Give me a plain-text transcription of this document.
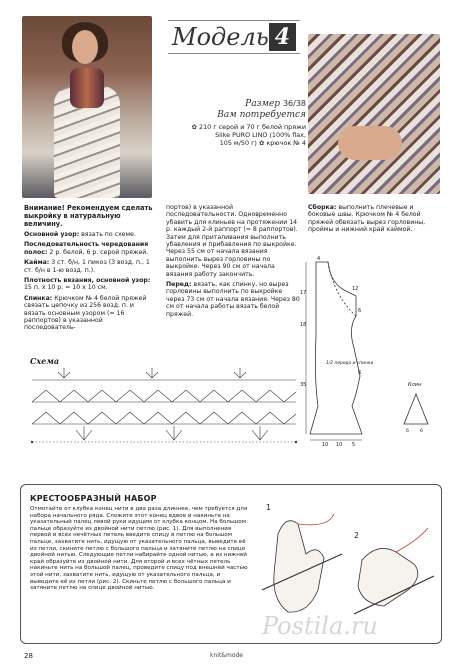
Модель 4
Размер 36/38
Вам потребуется
✿ 210 г серой и 70 г белой пряжи
Silke PURO LINO (100% flax,
105 м/50 г) ✿ крючок № 4

Внимание! Рекомендуем сделать выкройку в натуральную величину.

Основной узор: вязать по схеме.

Последовательность чередования полос: 2 р. белой, 6 р. серой пряжей.

Кайма: 3 ст. б/н, 1 пикоз (3 возд. п., 1 ст. б/н в 1-ю возд. п.).

Плотность вязания, основной узор: 15 п. х 10 р. = 10 х 10 см.

Спинка: Крючком № 4 белой пряжей связать цепочку из 256 возд. п. и вязать основным узором (= 16 раппортов) в указанной последователь-

портов) в указанной последовательности. Одновременно убавить для клиньев на протяжении 14 р. каждый 2-й раппорт (= 8 раппортов). Затем для приталивания выполнить убавления и прибавления по выкройке. Через 55 см от начала вязания выполнить вырез горловины по выкройке. Через 90 см от начала вязания работу закончить.

Перед: вязать, как спинку, но вырез горловины выполнить по выкройке через 73 см от начала вязания. Через 80 см от начала работы вязать белой пряжей.

Сборка: выполнить плечевые и боковые швы. Крючком № 4 белой пряжей обвязать вырез горловины, проймы и нижний край каймой.

4
17
18
12
6
6
35
10 10 5
1/2 переда и спинки
Клин
6 6
Схема
КРЕСТООБРАЗНЫЙ НАБОР
Отмотайте от клубка конец нити в два раза длиннее, чем требуется для набора начального ряда. Сложите этот конец вдвое и накиньте на указательный палец левой руки идущим от клубка концом. На большом пальце образуйте из двойной нити петлю (рис. 1). Для выполнения первой и всех нечётных петель введите спицу в петлю на большом пальце, захватите нить, идущую от указательного пальца, выведите её из петли, скините петлю с большого пальца и затяните петлю на спице двойной нитью. Следующие петли набирайте одной нитью, а из нижней край образуйте из двойной нити. Для второй и всех чётных петель накиньте нить на большой палец, проведите спицу под внешней частью этой нити, захватите нить, идущую от указательного пальца, и выведите её из петли (рис. 2). Скиньте петлю с большого пальца и затяните петлю на спице двойной нитью.
1
2
Postila.ru
28	knit&mode
